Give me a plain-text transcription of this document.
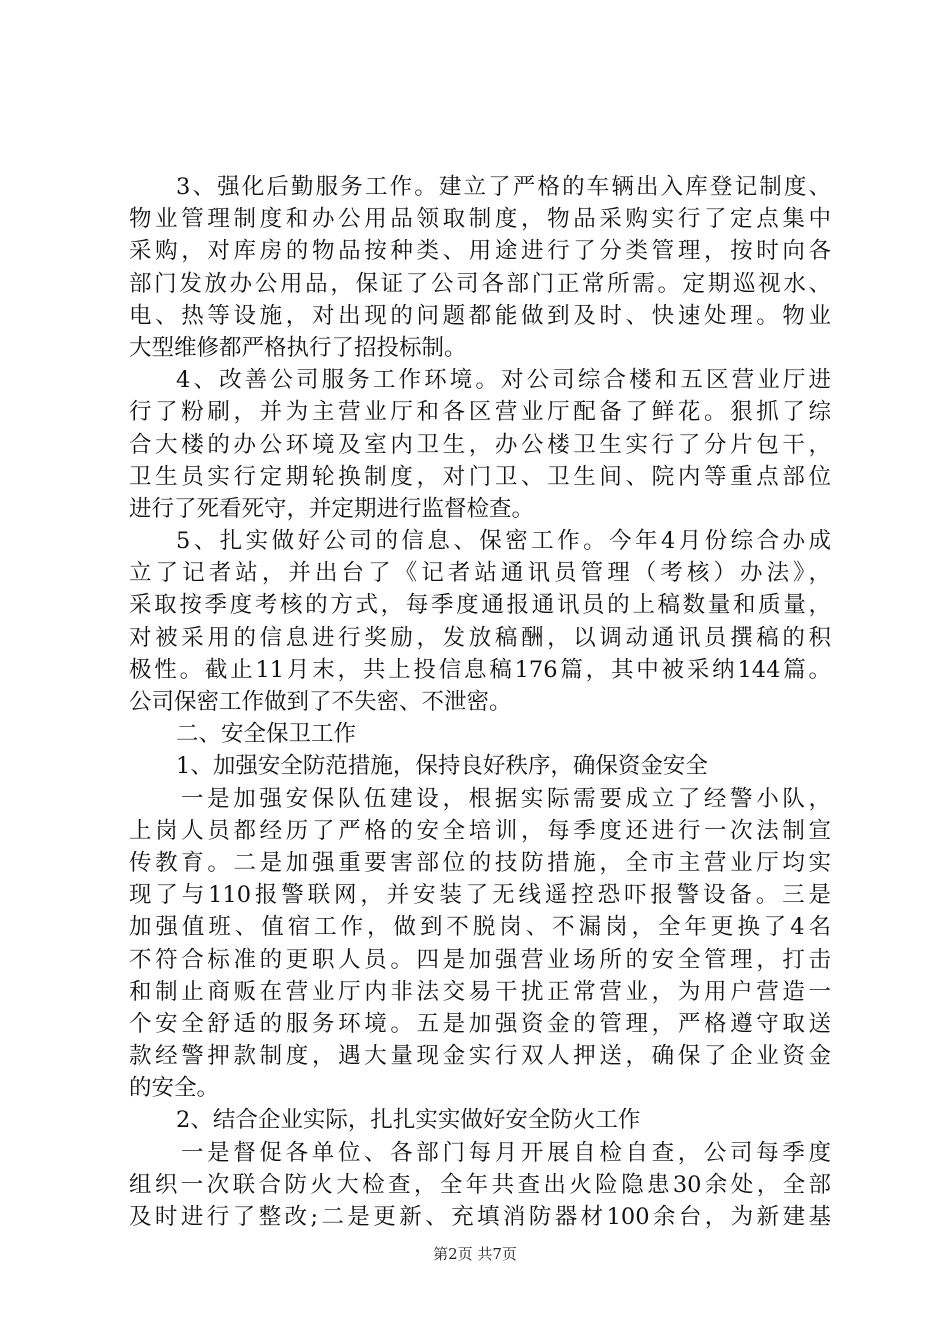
3、强化后勤服务工作。建立了严格的车辆出入库登记制度、
物业管理制度和办公用品领取制度，物品采购实行了定点集中
采购，对库房的物品按种类、用途进行了分类管理，按时向各
部门发放办公用品，保证了公司各部门正常所需。定期巡视水、
电、热等设施，对出现的问题都能做到及时、快速处理。物业
大型维修都严格执行了招投标制。
4、改善公司服务工作环境。对公司综合楼和五区营业厅进
行了粉刷，并为主营业厅和各区营业厅配备了鲜花。狠抓了综
合大楼的办公环境及室内卫生，办公楼卫生实行了分片包干，
卫生员实行定期轮换制度，对门卫、卫生间、院内等重点部位
进行了死看死守，并定期进行监督检查。
5、扎实做好公司的信息、保密工作。今年4月份综合办成
立了记者站，并出台了《记者站通讯员管理（考核）办法》，
采取按季度考核的方式，每季度通报通讯员的上稿数量和质量，
对被采用的信息进行奖励，发放稿酬，以调动通讯员撰稿的积
极性。截止11月末，共上投信息稿176篇，其中被采纳144篇。
公司保密工作做到了不失密、不泄密。
二、安全保卫工作
1、加强安全防范措施，保持良好秩序，确保资金安全
一是加强安保队伍建设，根据实际需要成立了经警小队，
上岗人员都经历了严格的安全培训，每季度还进行一次法制宣
传教育。二是加强重要害部位的技防措施，全市主营业厅均实
现了与110报警联网，并安装了无线遥控恐吓报警设备。三是
加强值班、值宿工作，做到不脱岗、不漏岗，全年更换了4名
不符合标准的更职人员。四是加强营业场所的安全管理，打击
和制止商贩在营业厅内非法交易干扰正常营业，为用户营造一
个安全舒适的服务环境。五是加强资金的管理，严格遵守取送
款经警押款制度，遇大量现金实行双人押送，确保了企业资金
的安全。
2、结合企业实际，扎扎实实做好安全防火工作
一是督促各单位、各部门每月开展自检自查，公司每季度
组织一次联合防火大检查，全年共查出火险隐患30余处，全部
及时进行了整改;二是更新、充填消防器材100余台，为新建基
第2页 共7页
